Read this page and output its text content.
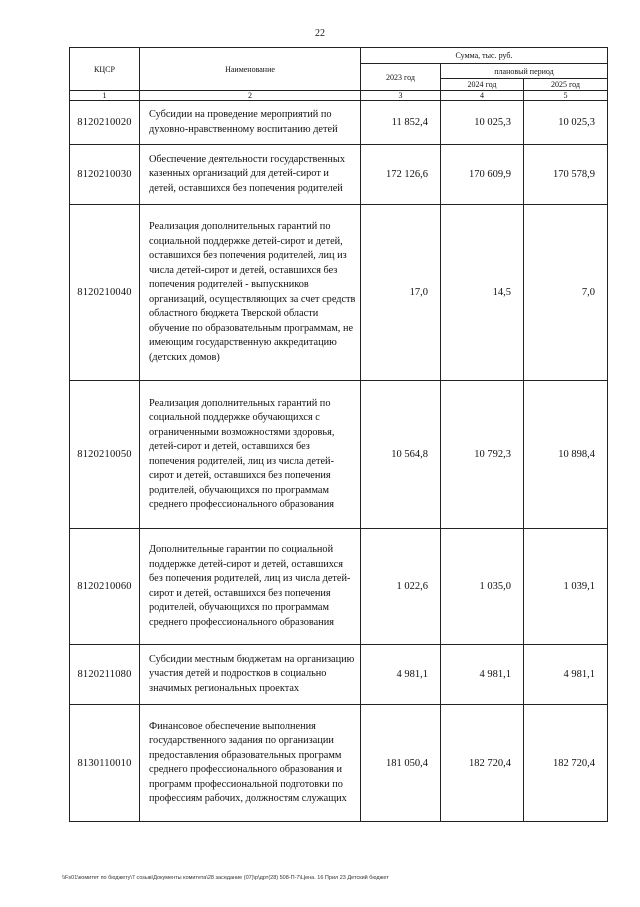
22
КЦСР	Наименование	Сумма, тыс. руб.		
		2023 год	плановый период	
			2024 год	2025 год
1	2	3	4	5
8120210020	Субсидии на проведение мероприятий по духовно-нравственному воспитанию детей	11 852,4	10 025,3	10 025,3
8120210030	Обеспечение деятельности государственных казенных организаций для детей-сирот и детей, оставшихся без попечения родителей	172 126,6	170 609,9	170 578,9
8120210040	Реализация дополнительных гарантий по социальной поддержке детей-сирот и детей, оставшихся без попечения родителей, лиц из числа детей-сирот и детей, оставшихся без попечения родителей - выпускников организаций, осуществляющих за счет средств областного бюджета Тверской области обучение по образовательным программам, не имеющим государственную аккредитацию (детских домов)	17,0	14,5	7,0
8120210050	Реализация дополнительных гарантий по социальной поддержке обучающихся с ограниченными возможностями здоровья, детей-сирот и детей, оставшихся без попечения родителей, лиц из числа детей-сирот и детей, оставшихся без попечения родителей, обучающихся по программам среднего профессионального образования	10 564,8	10 792,3	10 898,4
8120210060	Дополнительные гарантии по социальной поддержке детей-сирот и детей, оставшихся без попечения родителей, лиц из числа детей-сирот и детей, оставшихся без попечения родителей, обучающихся по программам среднего профессионального образования	1 022,6	1 035,0	1 039,1
8120211080	Субсидии местным бюджетам на организацию участия детей и подростков в социально значимых региональных проектах	4 981,1	4 981,1	4 981,1
8130110010	Финансовое обеспечение выполнения государственного задания по организации предоставления образовательных программ среднего профессионального образования и программ профессиональной подготовки по профессиям рабочих, должностям служащих	181 050,4	182 720,4	182 720,4
\\Fs01\комитет по бюджету\7 созыв\Документы комитета\28 заседание (07)\р\дрт(28) 508-П-7\Цена. 16 Прил 23 Детский бюджет
